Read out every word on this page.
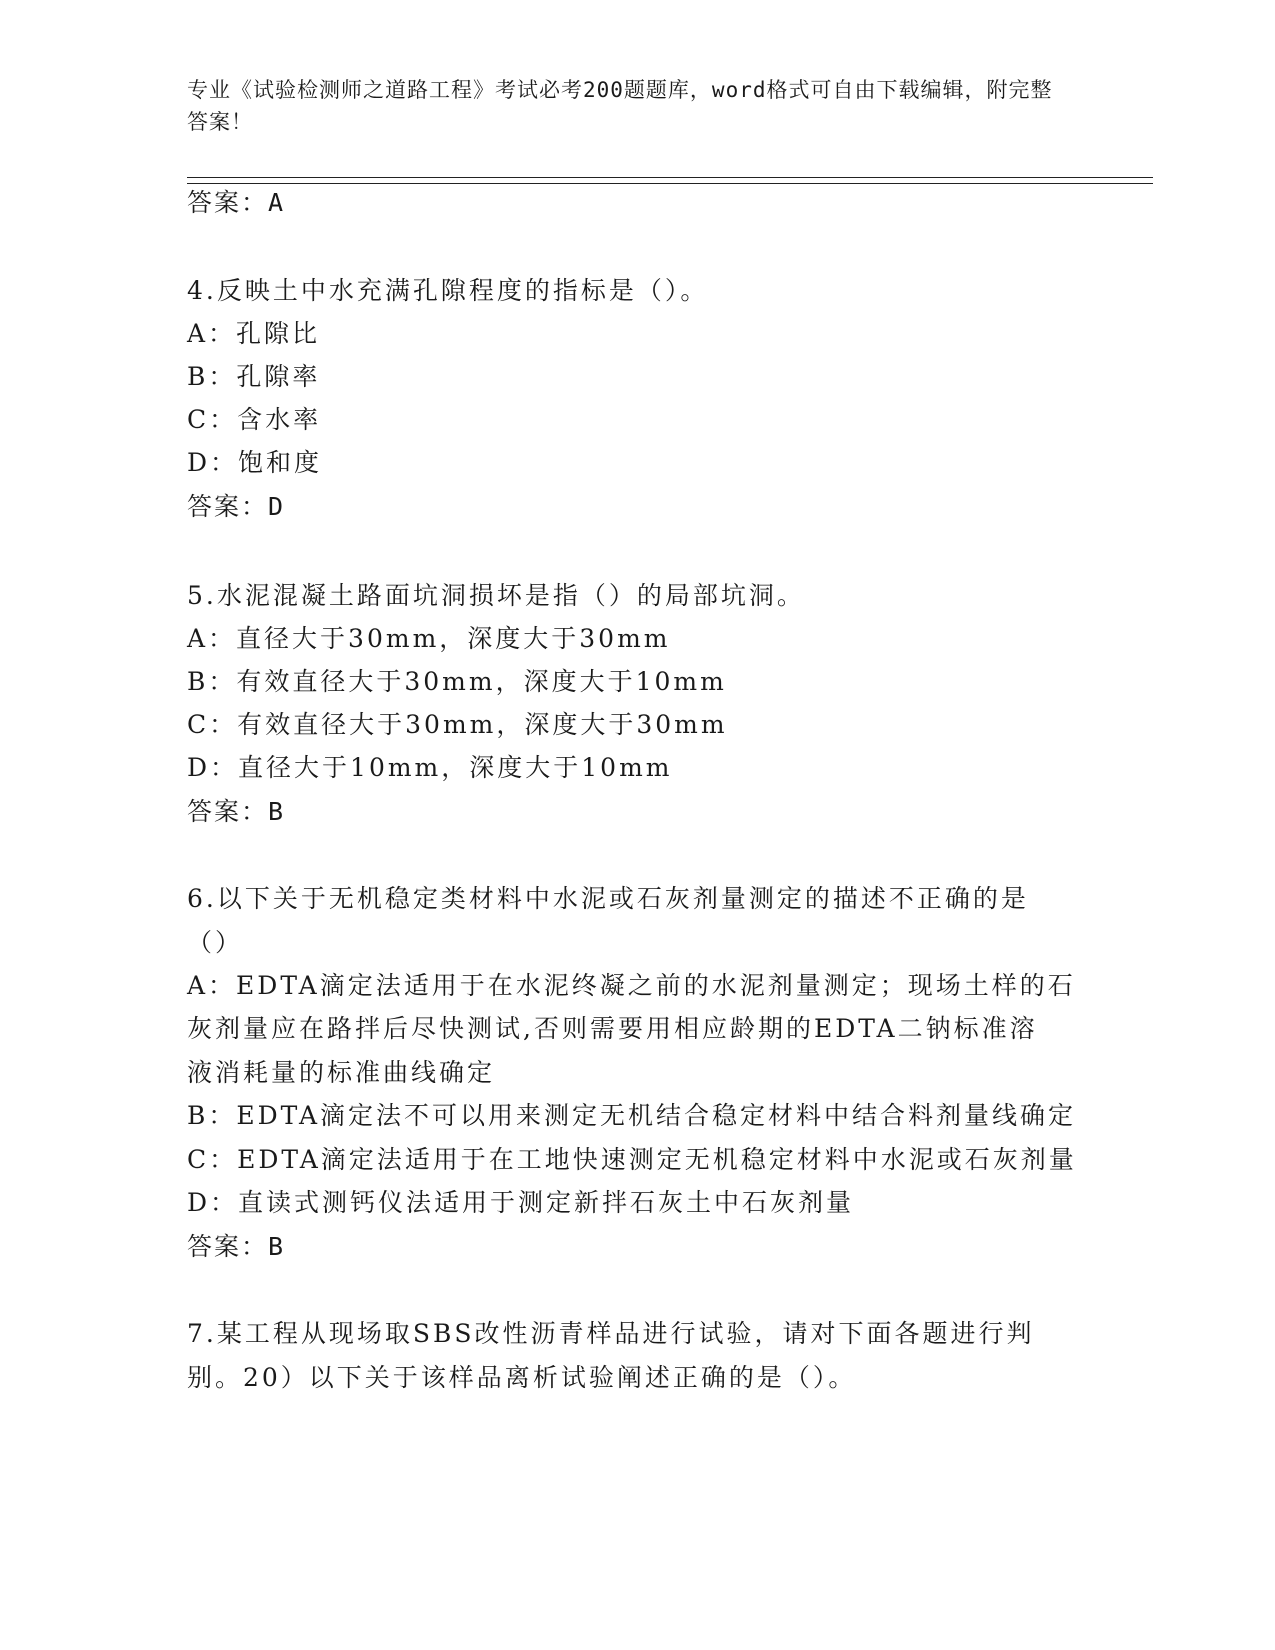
专业《试验检测师之道路工程》考试必考200题题库，word格式可自由下载编辑，附完整答案！
答案：A
4.反映土中水充满孔隙程度的指标是（）。
A：孔隙比
B：孔隙率
C：含水率
D：饱和度
答案：D
5.水泥混凝土路面坑洞损坏是指（）的局部坑洞。
A：直径大于30mm，深度大于30mm
B：有效直径大于30mm，深度大于10mm
C：有效直径大于30mm，深度大于30mm
D：直径大于10mm，深度大于10mm
答案：B
6.以下关于无机稳定类材料中水泥或石灰剂量测定的描述不正确的是
（）
A：EDTA滴定法适用于在水泥终凝之前的水泥剂量测定；现场土样的石
灰剂量应在路拌后尽快测试,否则需要用相应龄期的EDTA二钠标准溶
液消耗量的标准曲线确定
B：EDTA滴定法不可以用来测定无机结合稳定材料中结合料剂量线确定
C：EDTA滴定法适用于在工地快速测定无机稳定材料中水泥或石灰剂量
D：直读式测钙仪法适用于测定新拌石灰土中石灰剂量
答案：B
7.某工程从现场取SBS改性沥青样品进行试验，请对下面各题进行判
别。20）以下关于该样品离析试验阐述正确的是（）。
